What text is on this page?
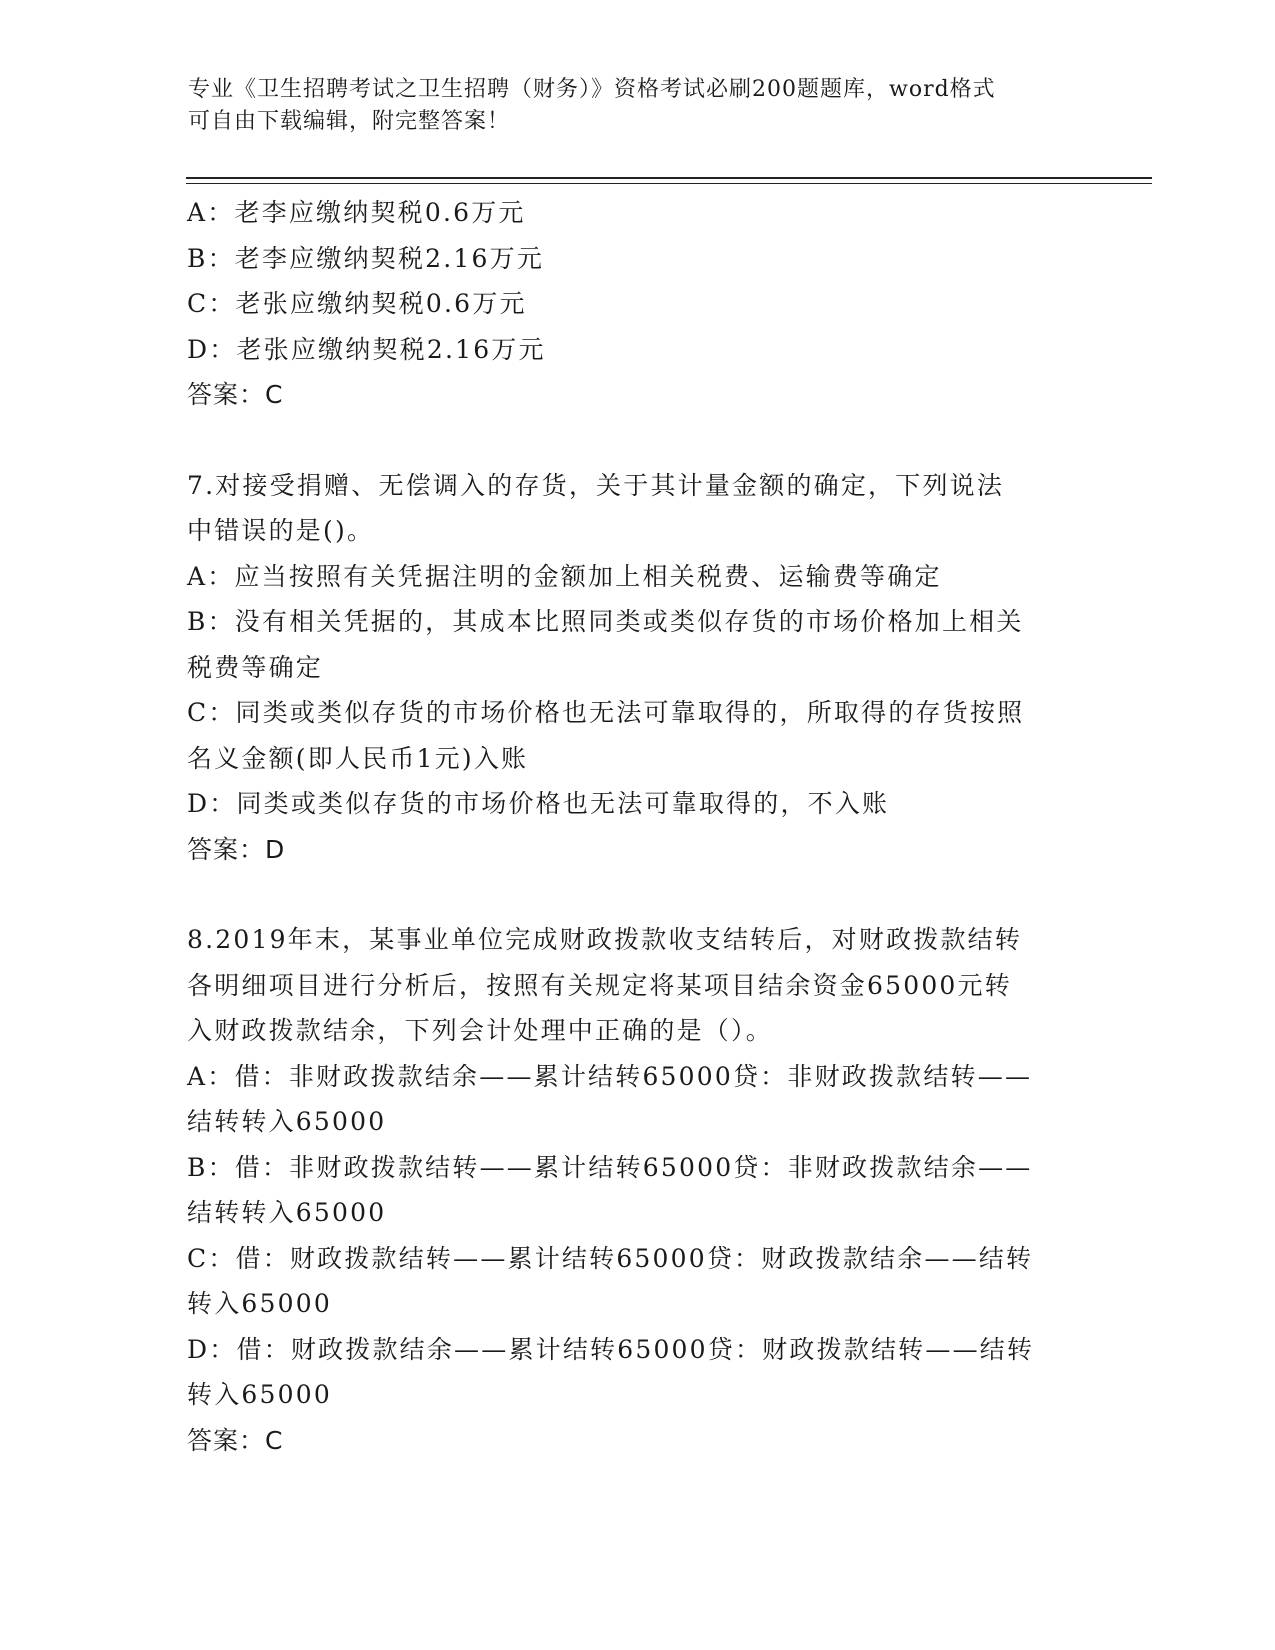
专业《卫生招聘考试之卫生招聘（财务）》资格考试必刷200题题库，word格式
可自由下载编辑，附完整答案！
A：老李应缴纳契税0.6万元
B：老李应缴纳契税2.16万元
C：老张应缴纳契税0.6万元
D：老张应缴纳契税2.16万元
答案：C
7.对接受捐赠、无偿调入的存货，关于其计量金额的确定，下列说法
中错误的是()。
A：应当按照有关凭据注明的金额加上相关税费、运输费等确定
B：没有相关凭据的，其成本比照同类或类似存货的市场价格加上相关
税费等确定
C：同类或类似存货的市场价格也无法可靠取得的，所取得的存货按照
名义金额(即人民币1元)入账
D：同类或类似存货的市场价格也无法可靠取得的，不入账
答案：D
8.2019年末，某事业单位完成财政拨款收支结转后，对财政拨款结转
各明细项目进行分析后，按照有关规定将某项目结余资金65000元转
入财政拨款结余，下列会计处理中正确的是（）。
A：借：非财政拨款结余——累计结转65000贷：非财政拨款结转——
结转转入65000
B：借：非财政拨款结转——累计结转65000贷：非财政拨款结余——
结转转入65000
C：借：财政拨款结转——累计结转65000贷：财政拨款结余——结转
转入65000
D：借：财政拨款结余——累计结转65000贷：财政拨款结转——结转
转入65000
答案：C
